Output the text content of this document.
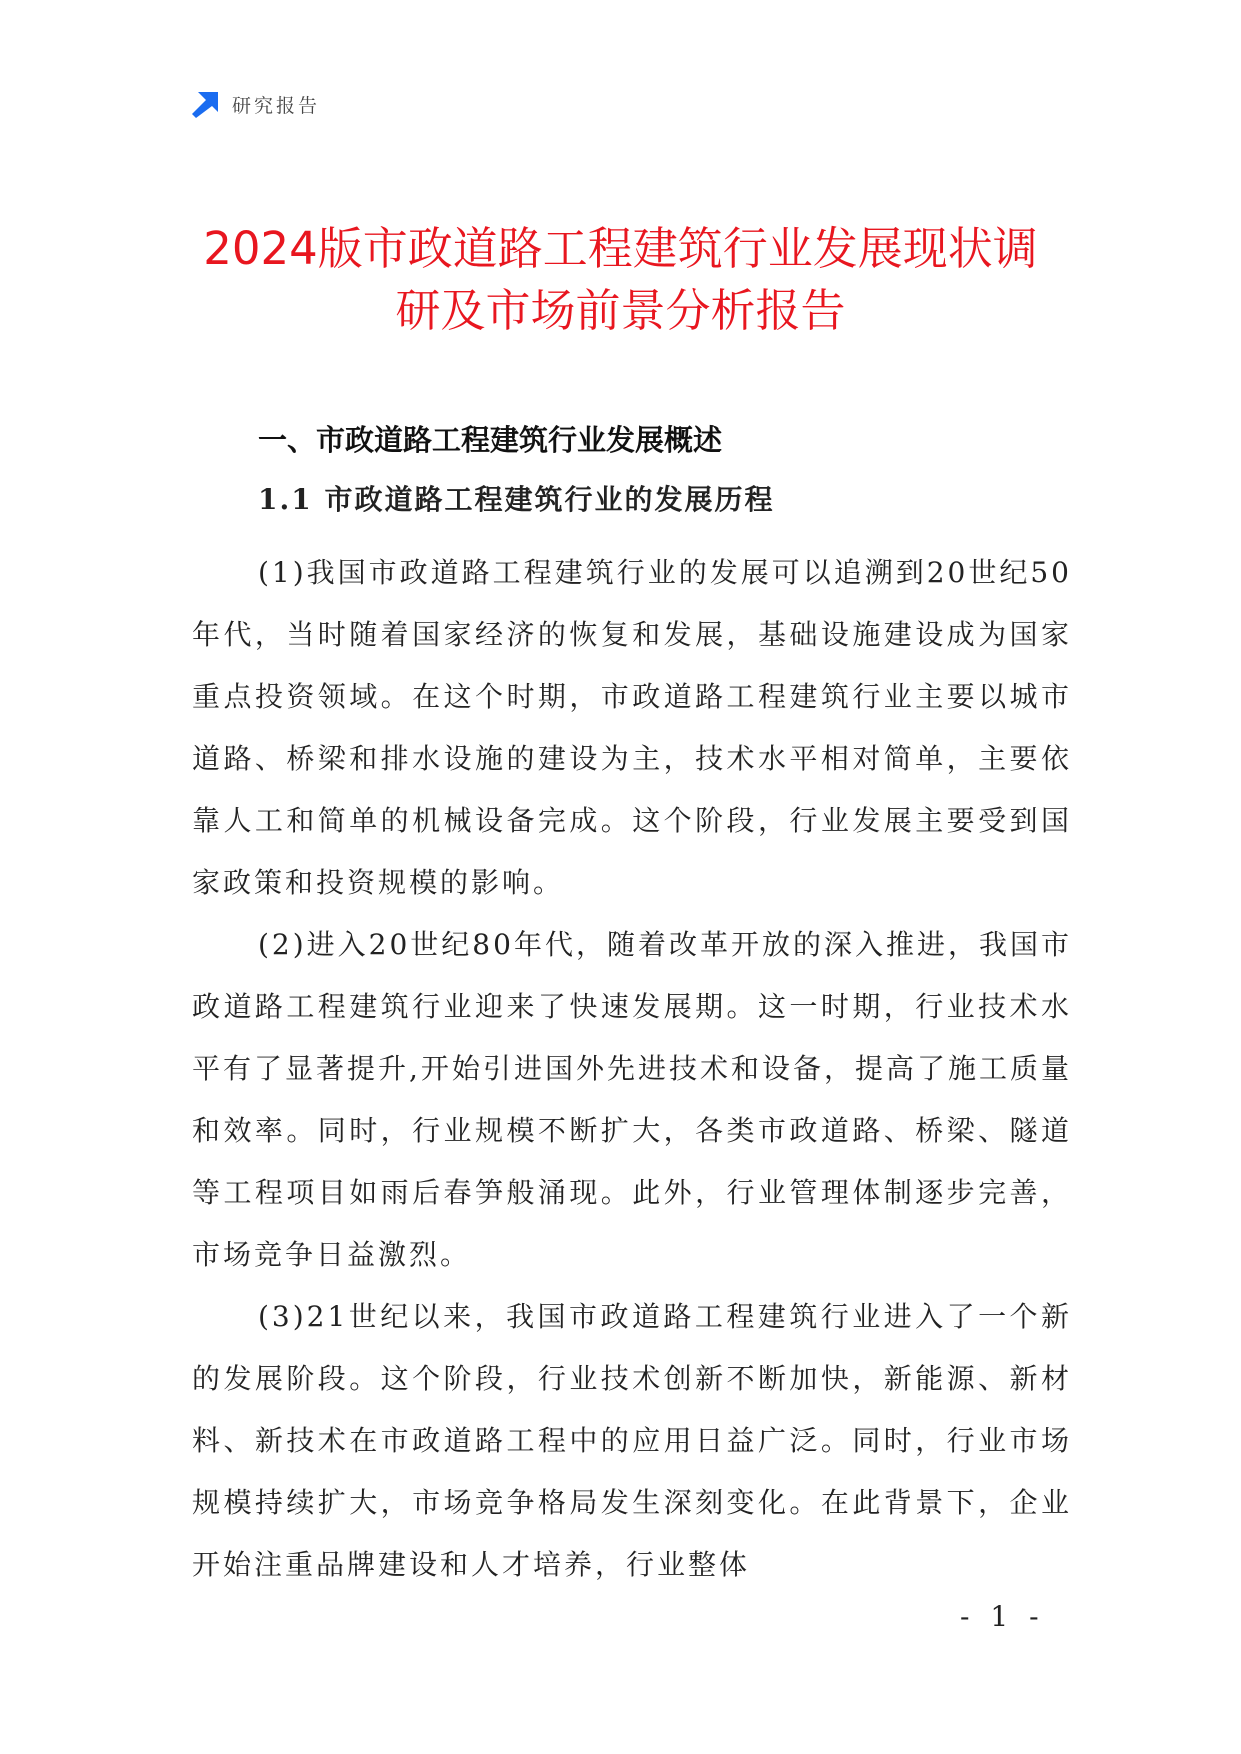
研究报告
2024版市政道路工程建筑行业发展现状调
研及市场前景分析报告
一、市政道路工程建筑行业发展概述
1.1 市政道路工程建筑行业的发展历程

(1)我国市政道路工程建筑行业的发展可以追溯到20世纪50年代，当时随着国家经济的恢复和发展，基础设施建设成为国家重点投资领域。在这个时期，市政道路工程建筑行业主要以城市道路、桥梁和排水设施的建设为主，技术水平相对简单，主要依靠人工和简单的机械设备完成。这个阶段，行业发展主要受到国家政策和投资规模的影响。

(2)进入20世纪80年代，随着改革开放的深入推进，我国市政道路工程建筑行业迎来了快速发展期。这一时期，行业技术水平有了显著提升,开始引进国外先进技术和设备，提高了施工质量和效率。同时，行业规模不断扩大，各类市政道路、桥梁、隧道等工程项目如雨后春笋般涌现。此外，行业管理体制逐步完善，市场竞争日益激烈。

(3)21世纪以来，我国市政道路工程建筑行业进入了一个新的发展阶段。这个阶段，行业技术创新不断加快，新能源、新材料、新技术在市政道路工程中的应用日益广泛。同时，行业市场规模持续扩大，市场竞争格局发生深刻变化。在此背景下，企业开始注重品牌建设和人才培养，行业整体

- 1 -
